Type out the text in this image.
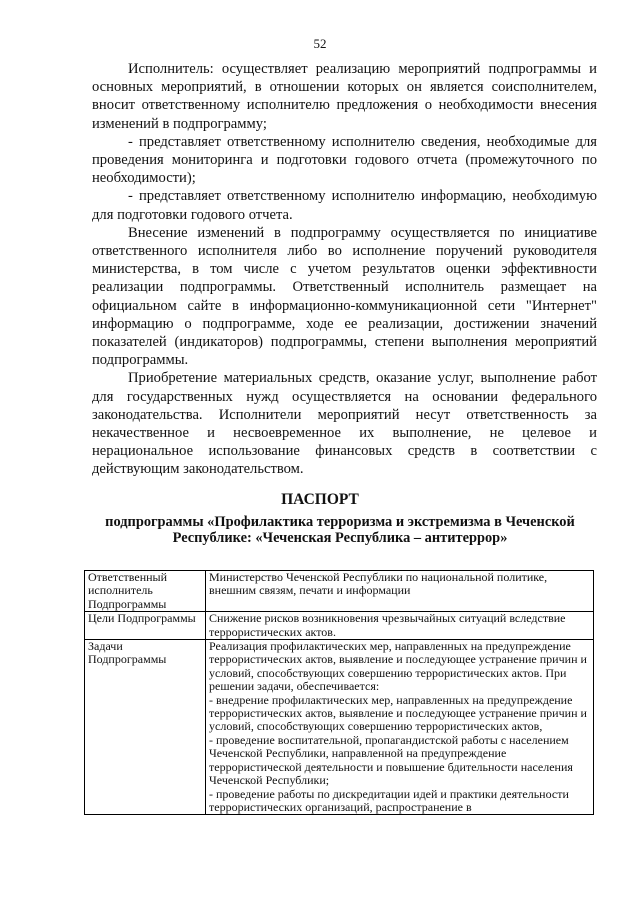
52

Исполнитель: осуществляет реализацию мероприятий подпрограммы и основных мероприятий, в отношении которых он является соисполнителем, вносит ответственному исполнителю предложения о необходимости внесения изменений в подпрограмму;

- представляет ответственному исполнителю сведения, необходимые для проведения мониторинга и подготовки годового отчета (промежуточного по необходимости);

- представляет ответственному исполнителю информацию, необходимую для подготовки годового отчета.

Внесение изменений в подпрограмму осуществляется по инициативе ответственного исполнителя либо во исполнение поручений руководителя министерства, в том числе с учетом результатов оценки эффективности реализации подпрограммы. Ответственный исполнитель размещает на официальном сайте в информационно-коммуникационной сети "Интернет" информацию о подпрограмме, ходе ее реализации, достижении значений показателей (индикаторов) подпрограммы, степени выполнения мероприятий подпрограммы.

Приобретение материальных средств, оказание услуг, выполнение работ для государственных нужд осуществляется на основании федерального законодательства. Исполнители мероприятий несут ответственность за некачественное и несвоевременное их выполнение, не целевое и нерациональное использование финансовых средств в соответствии с действующим законодательством.

ПАСПОРТ
подпрограммы «Профилактика терроризма и экстремизма в Чеченской Республике: «Чеченская Республика – антитеррор»
Ответственный исполнитель Подпрограммы	Министерство Чеченской Республики по национальной политике, внешним связям, печати и информации

Цели Подпрограммы	Снижение рисков возникновения чрезвычайных ситуаций вследствие террористических актов.

Задачи Подпрограммы	Реализация профилактических мер, направленных на предупреждение террористических актов, выявление и последующее устранение причин и условий, способствующих совершению террористических актов. При решении задачи, обеспечивается:
- внедрение профилактических мер, направленных на предупреждение террористических актов, выявление и последующее устранение причин и условий, способствующих совершению террористических актов,
- проведение воспитательной, пропагандистской работы с населением Чеченской Республики, направленной на предупреждение террористической деятельности и повышение бдительности населения Чеченской Республики;
- проведение работы по дискредитации идей и практики деятельности террористических организаций, распространение в
